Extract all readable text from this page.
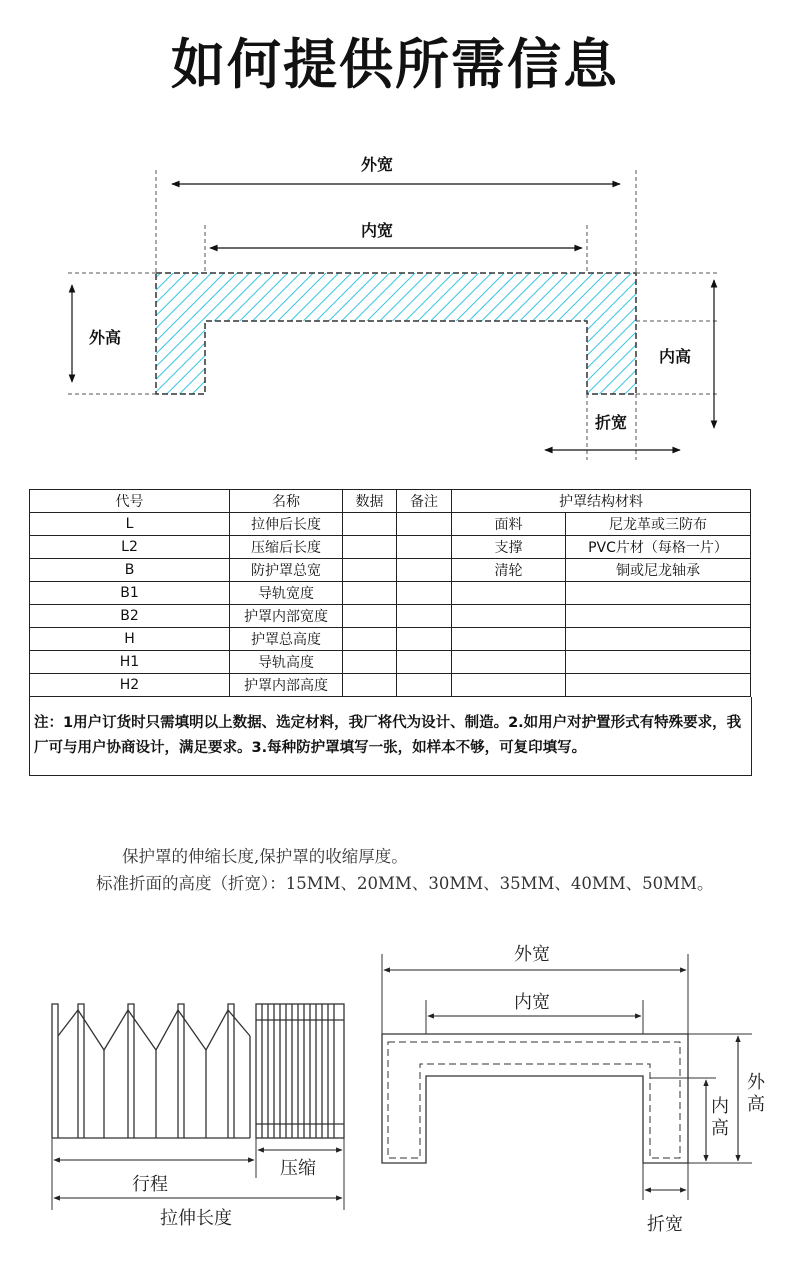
如何提供所需信息
外宽
内宽
外高
内高
折宽
代号	名称	数据	备注	护罩结构材料	
L	拉伸后长度			面料	尼龙革或三防布
L2	压缩后长度			支撑	PVC片材（每格一片）
B	防护罩总宽			清轮	铜或尼龙轴承
B1	导轨宽度				
B2	护罩内部宽度				
H	护罩总高度				
H1	导轨高度				
H2	护罩内部高度				
注：1用户订货时只需填明以上数据、选定材料，我厂将代为设计、制造。2.如用户对护置形式有特殊要求，我厂可与用户协商设计，满足要求。3.每种防护罩填写一张，如样本不够，可复印填写。

保护罩的伸缩长度,保护罩的收缩厚度。

标准折面的高度（折宽）：15MM、20MM、30MM、35MM、40MM、50MM。

行程
压缩
拉伸长度
外宽
内宽
外
高
内
高
折宽
